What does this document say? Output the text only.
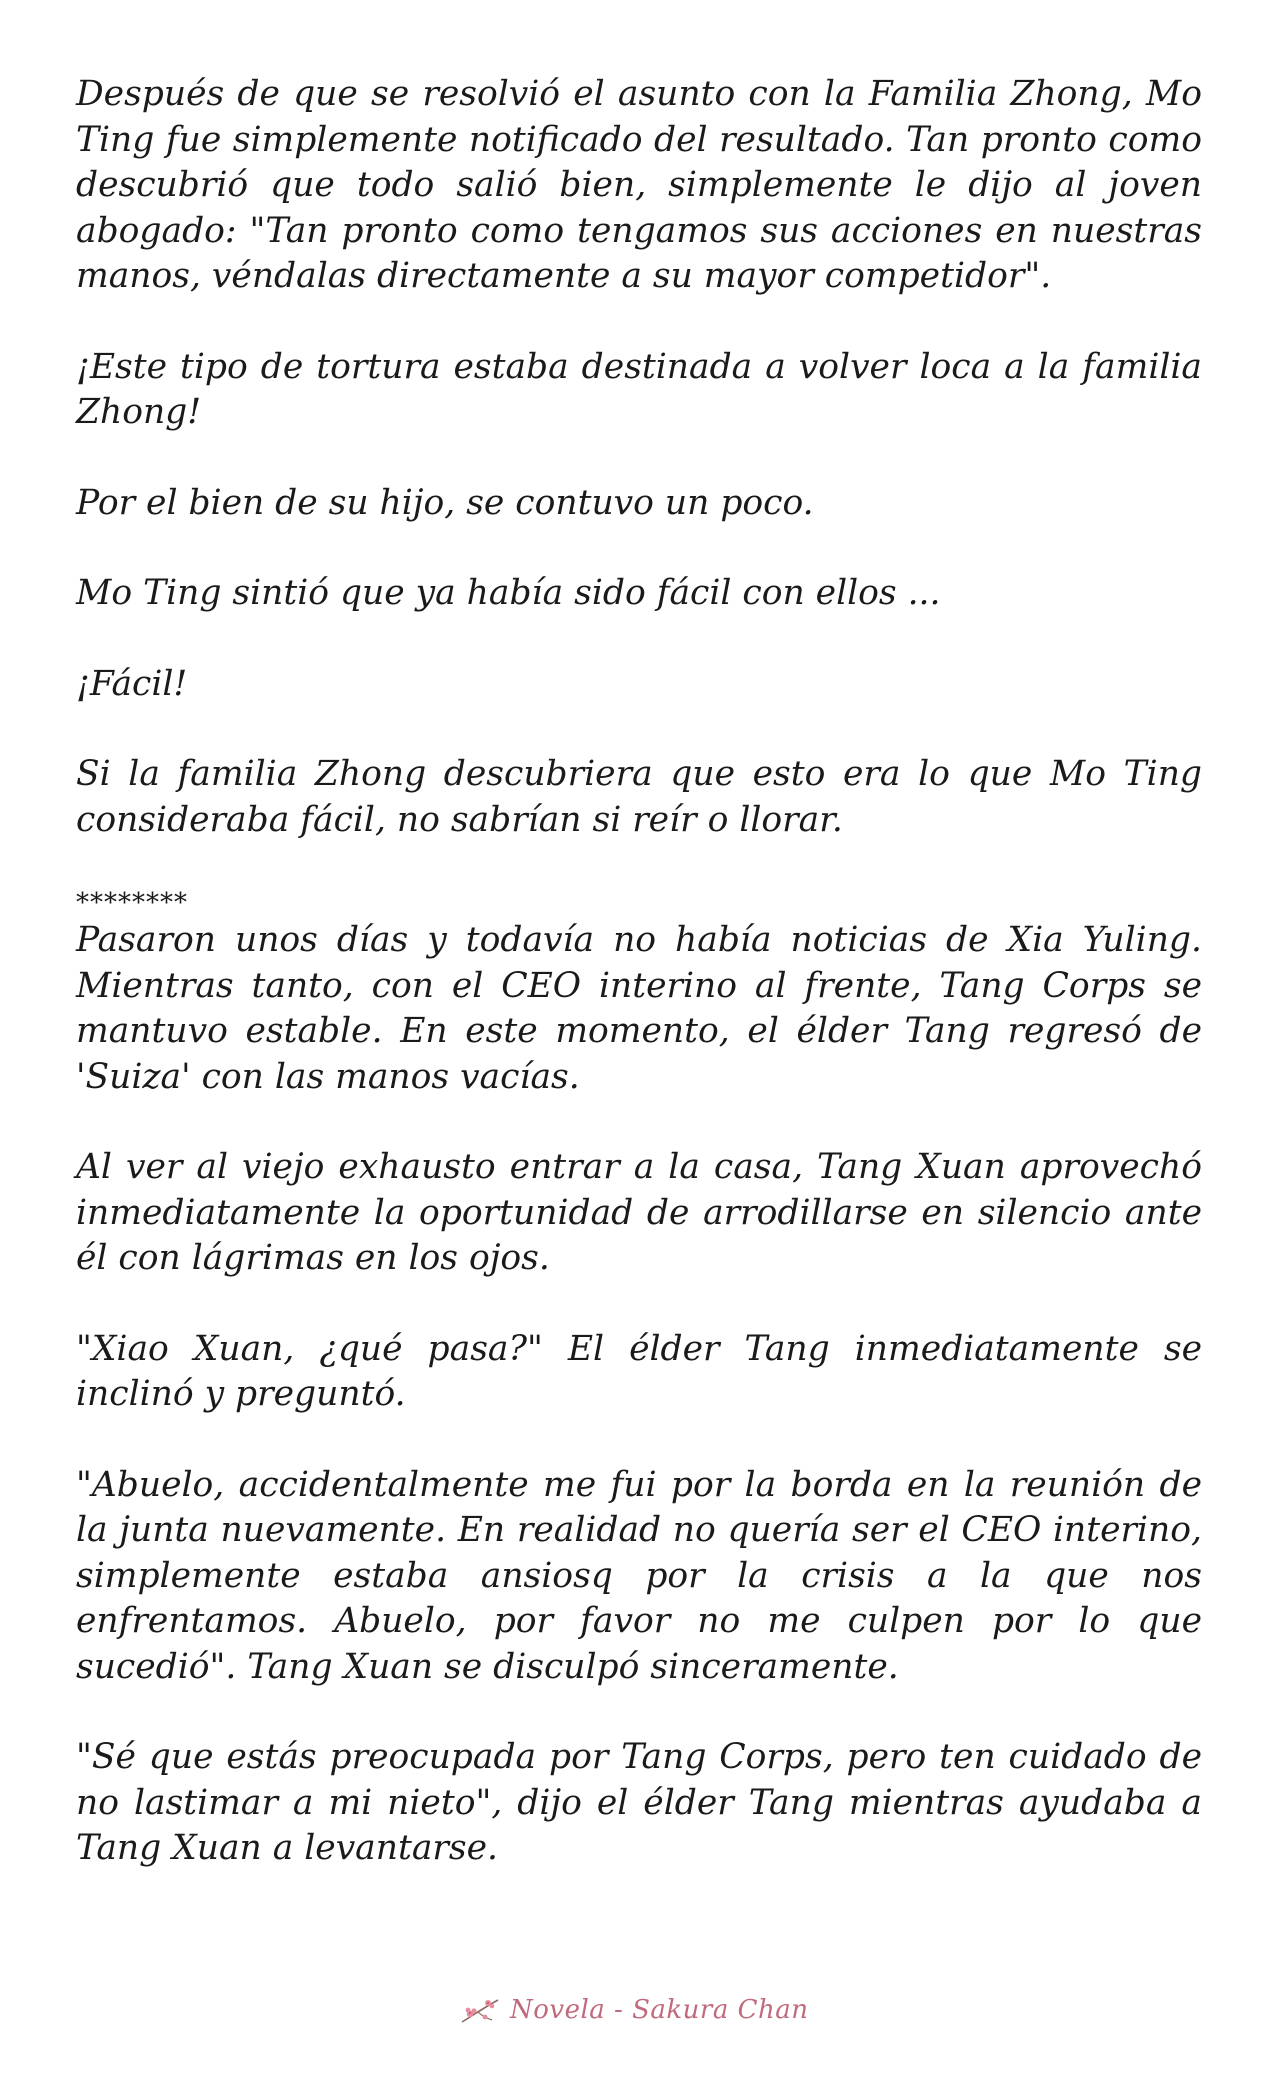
Después de que se resolvió el asunto con la Familia Zhong, Mo Ting fue simplemente notificado del resultado. Tan pronto como descubrió que todo salió bien, simplemente le dijo al joven abogado: "Tan pronto como tengamos sus acciones en nuestras manos, véndalas directamente a su mayor competidor".

¡Este tipo de tortura estaba destinada a volver loca a la familia Zhong!

Por el bien de su hijo, se contuvo un poco.

Mo Ting sintió que ya había sido fácil con ellos ...

¡Fácil!

Si la familia Zhong descubriera que esto era lo que Mo Ting consideraba fácil, no sabrían si reír o llorar.

********

Pasaron unos días y todavía no había noticias de Xia Yuling. Mientras tanto, con el CEO interino al frente, Tang Corps se mantuvo estable. En este momento, el élder Tang regresó de 'Suiza' con las manos vacías.

Al ver al viejo exhausto entrar a la casa, Tang Xuan aprovechó inmediatamente la oportunidad de arrodillarse en silencio ante él con lágrimas en los ojos.

"Xiao Xuan, ¿qué pasa?" El élder Tang inmediatamente se inclinó y preguntó.

"Abuelo, accidentalmente me fui por la borda en la reunión de la junta nuevamente. En realidad no quería ser el CEO interino, simplemente estaba ansiosq por la crisis a la que nos enfrentamos. Abuelo, por favor no me culpen por lo que sucedió". Tang Xuan se disculpó sinceramente.

"Sé que estás preocupada por Tang Corps, pero ten cuidado de no lastimar a mi nieto", dijo el élder Tang mientras ayudaba a Tang Xuan a levantarse.

Novela - Sakura Chan
